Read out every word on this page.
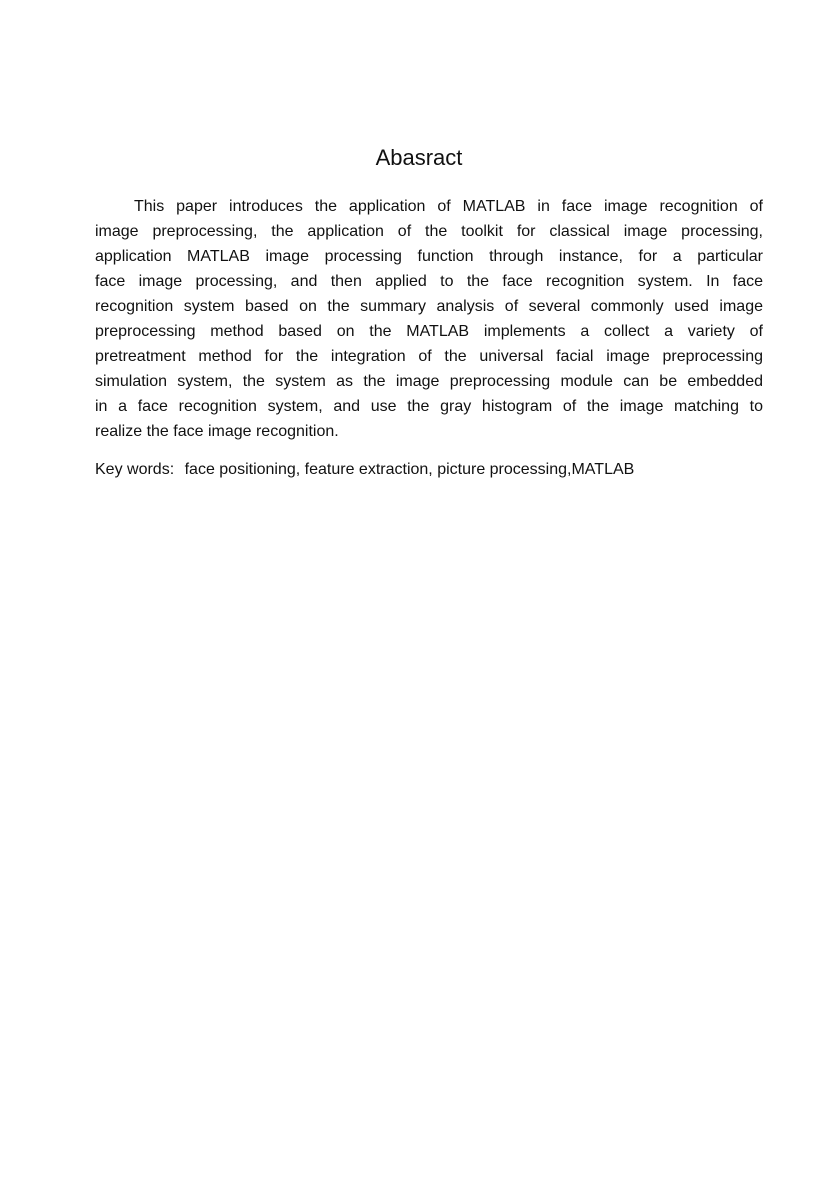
Abasract
This paper introduces the application of MATLAB in face image recognition of
image preprocessing, the application of the toolkit for classical image processing,
application MATLAB image processing function through instance, for a particular
face image processing, and then applied to the face recognition system. In face
recognition system based on the summary analysis of several commonly used image
preprocessing method based on the MATLAB implements a collect a variety of
pretreatment method for the integration of the universal facial image preprocessing
simulation system, the system as the image preprocessing module can be embedded
in a face recognition system, and use the gray histogram of the image matching to
realize the face image recognition.

Key words: face positioning, feature extraction, picture processing,MATLAB
